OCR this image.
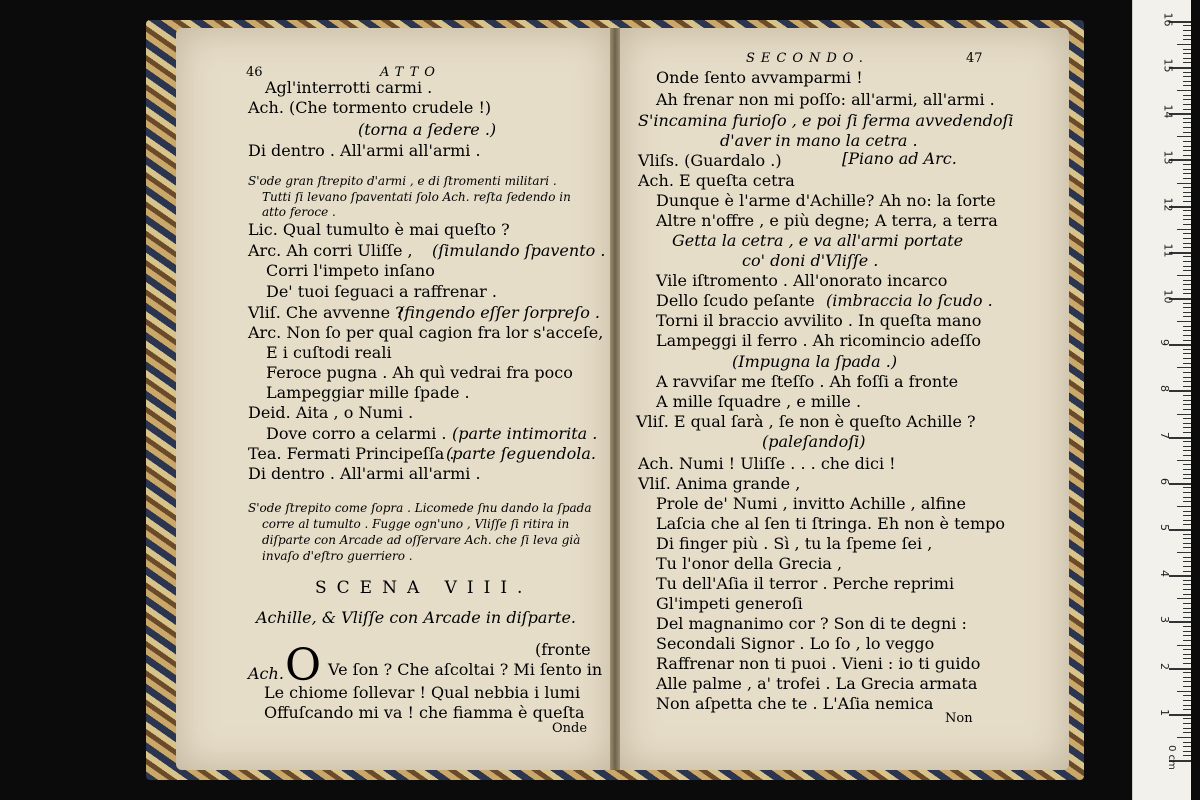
Agl'interrotti carmi .
Ach. (Che tormento crudele !)
(torna a ſedere .)
Di dentro . All'armi all'armi .
S'ode gran ſtrepito d'armi , e di ſtromenti militari .
Tutti ſi levano ſpaventati ſolo Ach. reſta ſedendo in
atto feroce .
Lic. Qual tumulto è mai queſto ?
Arc. Ah corri Uliſſe , (ſimulando ſpavento .
Corri l'impeto inſano
De' tuoi ſeguaci a raffrenar .
Vliſ. Che avvenne ?
(fingendo eſſer ſorpreſo .
Arc. Non ſo per qual cagion fra lor s'acceſe,
E i cuſtodi reali
Feroce pugna . Ah quì vedrai fra poco
Lampeggiar mille ſpade .
Deid. Aita , o Numi .
Dove corro a celarmi . (parte intimorita .
Tea. Fermati Principeſſa .
(parte ſeguendola.
Di dentro . All'armi all'armi .
S'ode ſtrepito come ſopra . Licomede ſnu dando la ſpada
corre al tumulto . Fugge ogn'uno , Vliſſe ſi ritira in
diſparte con Arcade ad oſſervare Ach. che ſi leva già
invaſo d'eſtro guerriero .
SCENA VIII.
Achille, & Vliſſe con Arcade in diſparte.
(fronte
Ach. O Ve ſon ? Che aſcoltai ? Mi ſento in
Le chiome ſollevar ! Qual nebbia i lumi
Offuſcando mi va ! che fiamma è queſta
Onde
Onde ſento avvamparmi !
Ah frenar non mi poſſo: all'armi, all'armi .
S'incamina furioſo , e poi ſi ferma avvedendoſi
d'aver in mano la cetra .
Vliſs. (Guardalo .)	[Piano ad Arc.
Ach. E queſta cetra
Dunque è l'arme d'Achille? Ah no: la ſorte
Altre n'offre , e più degne; A terra, a terra
Getta la cetra , e va all'armi portate
co' doni d'Vliſſe .
Vile iſtromento . All'onorato incarco
Dello ſcudo peſante (imbraccia lo ſcudo .
Torni il braccio avvilito . In queſta mano
Lampeggi il ferro . Ah ricomincio adeſſo
(Impugna la ſpada .)
A ravviſar me ſteſſo . Ah foſſi a fronte
A mille ſquadre , e mille .
Vliſ. E qual ſarà , ſe non è queſto Achille ?
(paleſandoſi)
Ach. Numi ! Uliſſe . . . che dici !
Vliſ. Anima grande ,
Prole de' Numi , invitto Achille , alfine
Laſcia che al ſen ti ſtringa. Eh non è tempo
Di finger più . Sì , tu la ſpeme ſei ,
Tu l'onor della Grecia ,
Tu dell'Aſia il terror . Perche reprimi
Gl'impeti generoſi
Del magnanimo cor ? Son di te degni :
Secondali Signor . Lo ſo , lo veggo
Raffrenar non ti puoi . Vieni : io ti guido
Alle palme , a' trofei . La Grecia armata
Non aſpetta che te . L'Aſia nemica
Non
46	ATTO
SECONDO.	47
1
2
3
4
5
6
7
8
9
10
11
12
13
14
15
16
0 cm
